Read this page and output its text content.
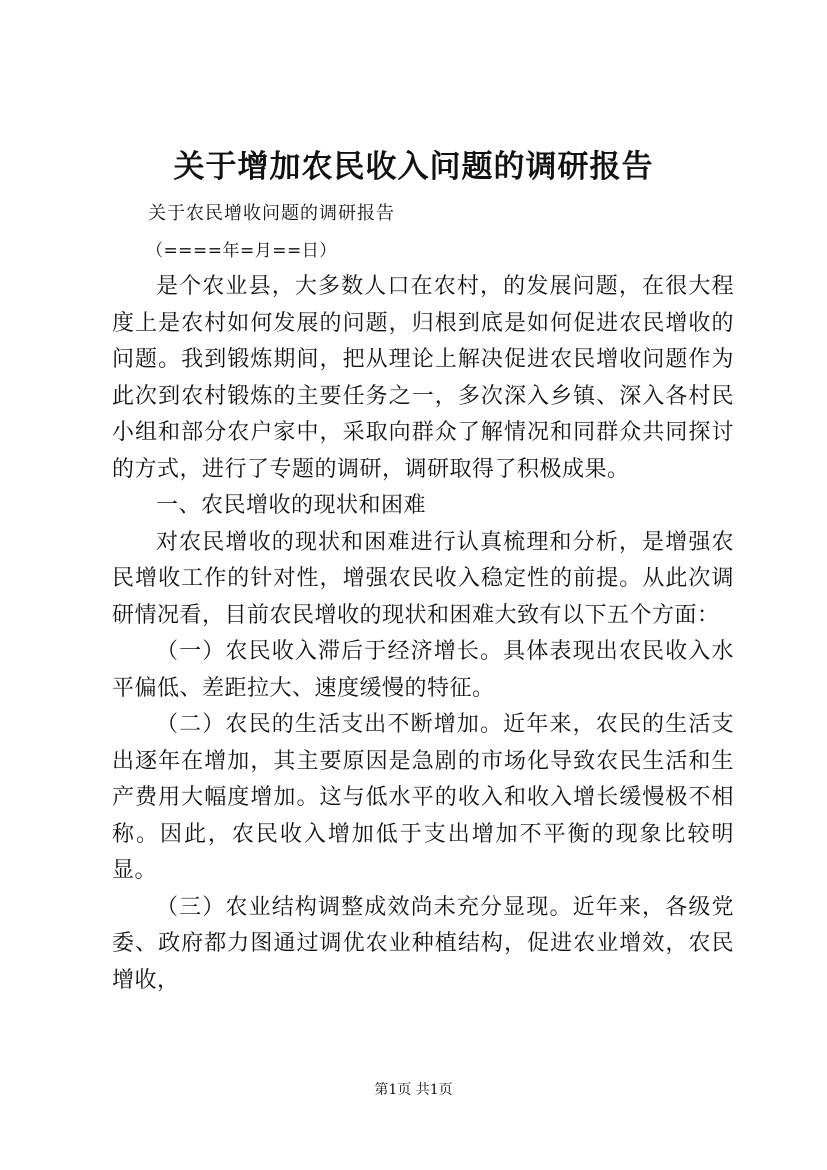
关于增加农民收入问题的调研报告

关于农民增收问题的调研报告

（====年=月==日）

是个农业县，大多数人口在农村，的发展问题，在很大程度上是农村如何发展的问题，归根到底是如何促进农民增收的问题。我到锻炼期间，把从理论上解决促进农民增收问题作为此次到农村锻炼的主要任务之一，多次深入乡镇、深入各村民小组和部分农户家中，采取向群众了解情况和同群众共同探讨的方式，进行了专题的调研，调研取得了积极成果。

一、农民增收的现状和困难

对农民增收的现状和困难进行认真梳理和分析，是增强农民增收工作的针对性，增强农民收入稳定性的前提。从此次调研情况看，目前农民增收的现状和困难大致有以下五个方面：

（一）农民收入滞后于经济增长。具体表现出农民收入水平偏低、差距拉大、速度缓慢的特征。

（二）农民的生活支出不断增加。近年来，农民的生活支出逐年在增加，其主要原因是急剧的市场化导致农民生活和生产费用大幅度增加。这与低水平的收入和收入增长缓慢极不相称。因此，农民收入增加低于支出增加不平衡的现象比较明显。

（三）农业结构调整成效尚未充分显现。近年来，各级党委、政府都力图通过调优农业种植结构，促进农业增效，农民增收，

第1页 共1页
